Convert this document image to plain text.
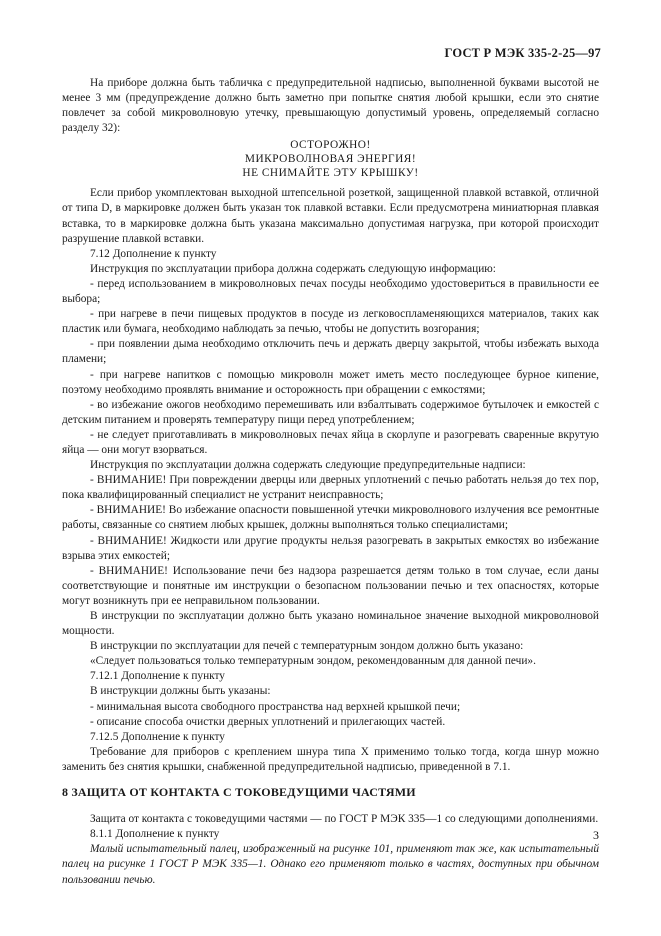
ГОСТ Р МЭК 335-2-25—97

На приборе должна быть табличка с предупредительной надписью, выполненной буквами высотой не менее 3 мм (предупреждение должно быть заметно при попытке снятия любой крышки, если это снятие повлечет за собой микроволновую утечку, превышающую допустимый уровень, определяемый согласно разделу 32):

ОСТОРОЖНО!
МИКРОВОЛНОВАЯ ЭНЕРГИЯ!
НЕ СНИМАЙТЕ ЭТУ КРЫШКУ!

Если прибор укомплектован выходной штепсельной розеткой, защищенной плавкой вставкой, отличной от типа D, в маркировке должен быть указан ток плавкой вставки. Если предусмотрена миниатюрная плавкая вставка, то в маркировке должна быть указана максимально допустимая нагрузка, при которой происходит разрушение плавкой вставки.

7.12 Дополнение к пункту

Инструкция по эксплуатации прибора должна содержать следующую информацию:

- перед использованием в микроволновых печах посуды необходимо удостовериться в правильности ее выбора;

- при нагреве в печи пищевых продуктов в посуде из легковоспламеняющихся материалов, таких как пластик или бумага, необходимо наблюдать за печью, чтобы не допустить возгорания;

- при появлении дыма необходимо отключить печь и держать дверцу закрытой, чтобы избежать выхода пламени;

- при нагреве напитков с помощью микроволн может иметь место последующее бурное кипение, поэтому необходимо проявлять внимание и осторожность при обращении с емкостями;

- во избежание ожогов необходимо перемешивать или взбалтывать содержимое бутылочек и емкостей с детским питанием и проверять температуру пищи перед употреблением;

- не следует приготавливать в микроволновых печах яйца в скорлупе и разогревать сваренные вкрутую яйца — они могут взорваться.

Инструкция по эксплуатации должна содержать следующие предупредительные надписи:

- ВНИМАНИЕ! При повреждении дверцы или дверных уплотнений с печью работать нельзя до тех пор, пока квалифицированный специалист не устранит неисправность;

- ВНИМАНИЕ! Во избежание опасности повышенной утечки микроволнового излучения все ремонтные работы, связанные со снятием любых крышек, должны выполняться только специалистами;

- ВНИМАНИЕ! Жидкости или другие продукты нельзя разогревать в закрытых емкостях во избежание взрыва этих емкостей;

- ВНИМАНИЕ! Использование печи без надзора разрешается детям только в том случае, если даны соответствующие и понятные им инструкции о безопасном пользовании печью и тех опасностях, которые могут возникнуть при ее неправильном пользовании.

В инструкции по эксплуатации должно быть указано номинальное значение выходной микроволновой мощности.

В инструкции по эксплуатации для печей с температурным зондом должно быть указано:

«Следует пользоваться только температурным зондом, рекомендованным для данной печи».

7.12.1 Дополнение к пункту

В инструкции должны быть указаны:

- минимальная высота свободного пространства над верхней крышкой печи;

- описание способа очистки дверных уплотнений и прилегающих частей.

7.12.5 Дополнение к пункту

Требование для приборов с креплением шнура типа X применимо только тогда, когда шнур можно заменить без снятия крышки, снабженной предупредительной надписью, приведенной в 7.1.

8 ЗАЩИТА ОТ КОНТАКТА С ТОКОВЕДУЩИМИ ЧАСТЯМИ

Защита от контакта с токоведущими частями — по ГОСТ Р МЭК 335—1 со следующими дополнениями.

8.1.1 Дополнение к пункту

Малый испытательный палец, изображенный на рисунке 101, применяют так же, как испытательный палец на рисунке 1 ГОСТ Р МЭК 335—1. Однако его применяют только в частях, доступных при обычном пользовании печью.

3
